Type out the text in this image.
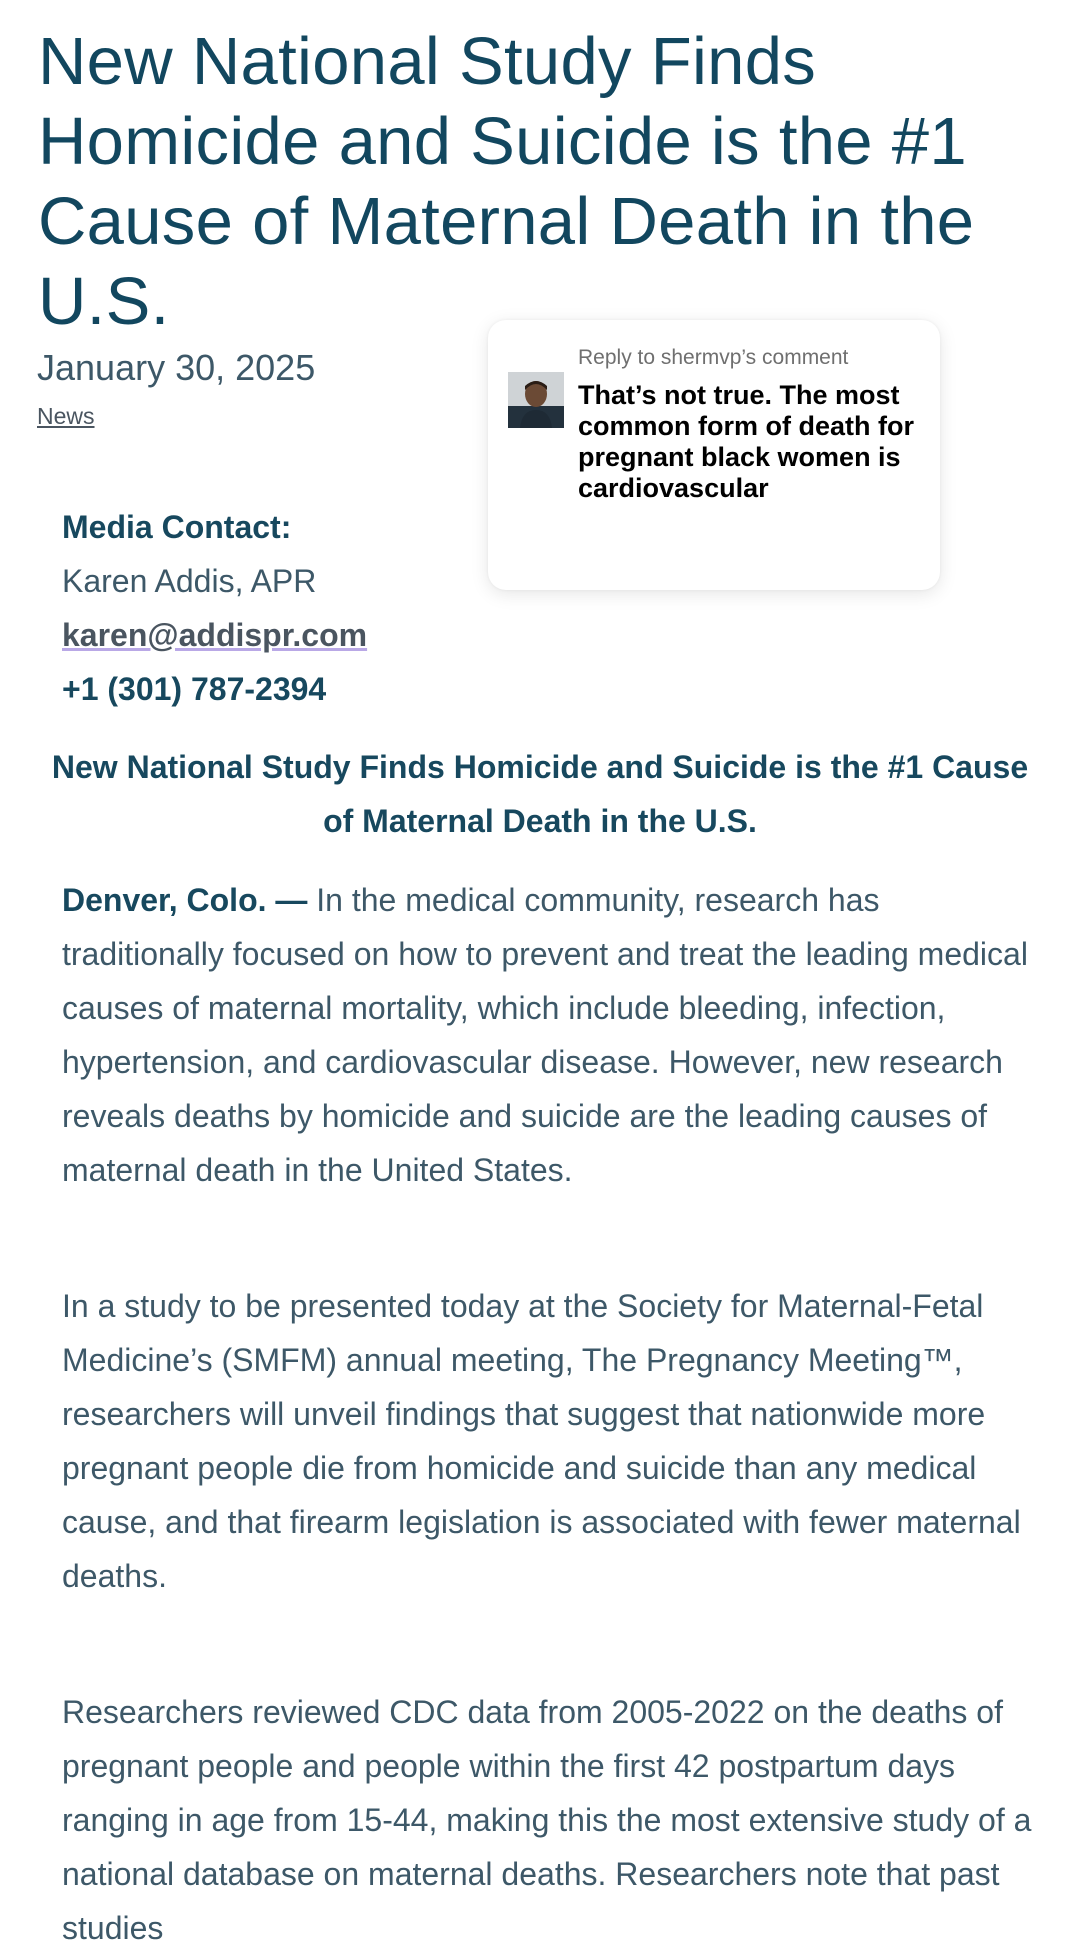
New National Study Finds Homicide and Suicide is the #1 Cause of Maternal Death in the U.S.
January 30, 2025
News
Media Contact:
Karen Addis, APR
karen@addispr.com
+1 (301) 787-2394
New National Study Finds Homicide and Suicide is the #1 Cause of Maternal Death in the U.S.

Denver, Colo. — In the medical community, research has traditionally focused on how to prevent and treat the leading medical causes of maternal mortality, which include bleeding, infection, hypertension, and cardiovascular disease. However, new research reveals deaths by homicide and suicide are the leading causes of maternal death in the United States.

In a study to be presented today at the Society for Maternal-Fetal Medicine’s (SMFM) annual meeting, The Pregnancy Meeting™, researchers will unveil findings that suggest that nationwide more pregnant people die from homicide and suicide than any medical cause, and that firearm legislation is associated with fewer maternal deaths.

Researchers reviewed CDC data from 2005-2022 on the deaths of pregnant people and people within the first 42 postpartum days ranging in age from 15-44, making this the most extensive study of a national database on maternal deaths. Researchers note that past studies

Reply to shermvp’s comment
That’s not true. The most common form of death for pregnant black women is cardiovascular
